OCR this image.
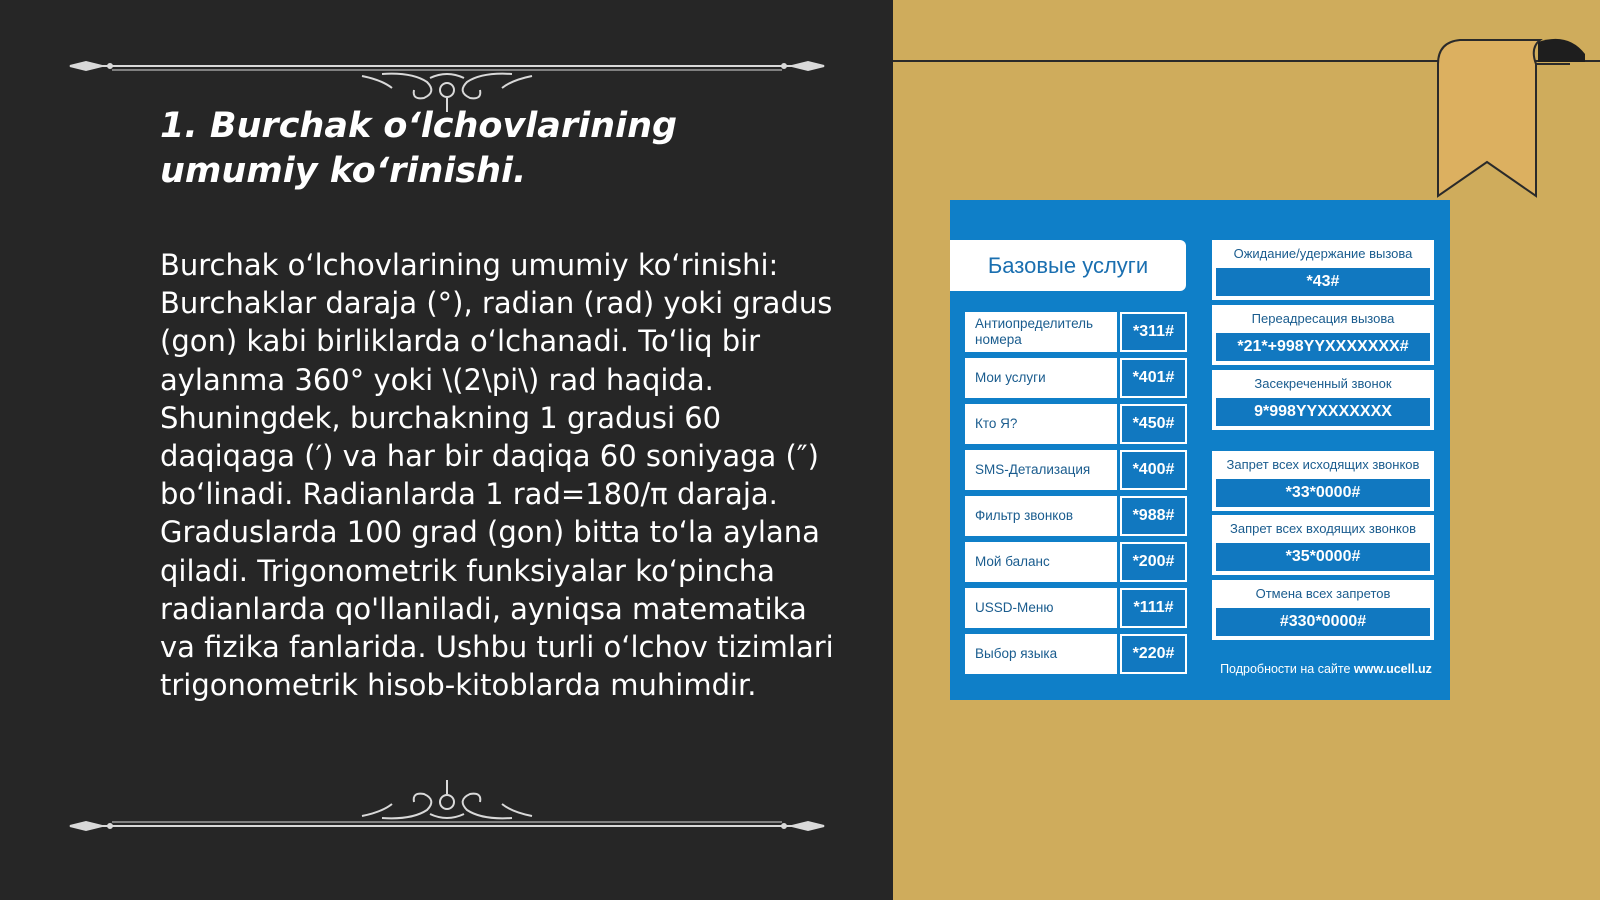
1. Burchak o‘lchovlarining umumiy ko‘rinishi.

Burchak o‘lchovlarining umumiy ko‘rinishi: Burchaklar daraja (°), radian (rad) yoki gradus (gon) kabi birliklarda o‘lchanadi. To‘liq bir aylanma 360° yoki \(2\pi\) rad haqida. Shuningdek, burchakning 1 gradusi 60 daqiqaga (′) va har bir daqiqa 60 soniyaga (″) bo‘linadi. Radianlarda 1 rad=180/π daraja. Graduslarda 100 grad (gon) bitta to‘la aylana qiladi. Trigonometrik funksiyalar ko‘pincha radianlarda qo'llaniladi, ayniqsa matematika va fizika fanlarida. Ushbu turli o‘lchov tizimlari trigonometrik hisob-kitoblarda muhimdir.

Базовые услуги
Антиопределитель номера	*311#
Мои услуги	*401#
Кто Я?	*450#
SMS-Детализация	*400#
Фильтр звонков	*988#
Мой баланс	*200#
USSD-Меню	*111#
Выбор языка	*220#
Ожидание/удержание вызова
*43#
Переадресация вызова
*21*+998YYXXXXXXX#
Засекреченный звонок
9*998YYXXXXXXX
Запрет всех исходящих звонков
*33*0000#
Запрет всех входящих звонков
*35*0000#
Отмена всех запретов
#330*0000#
Подробности на сайте www.ucell.uz
